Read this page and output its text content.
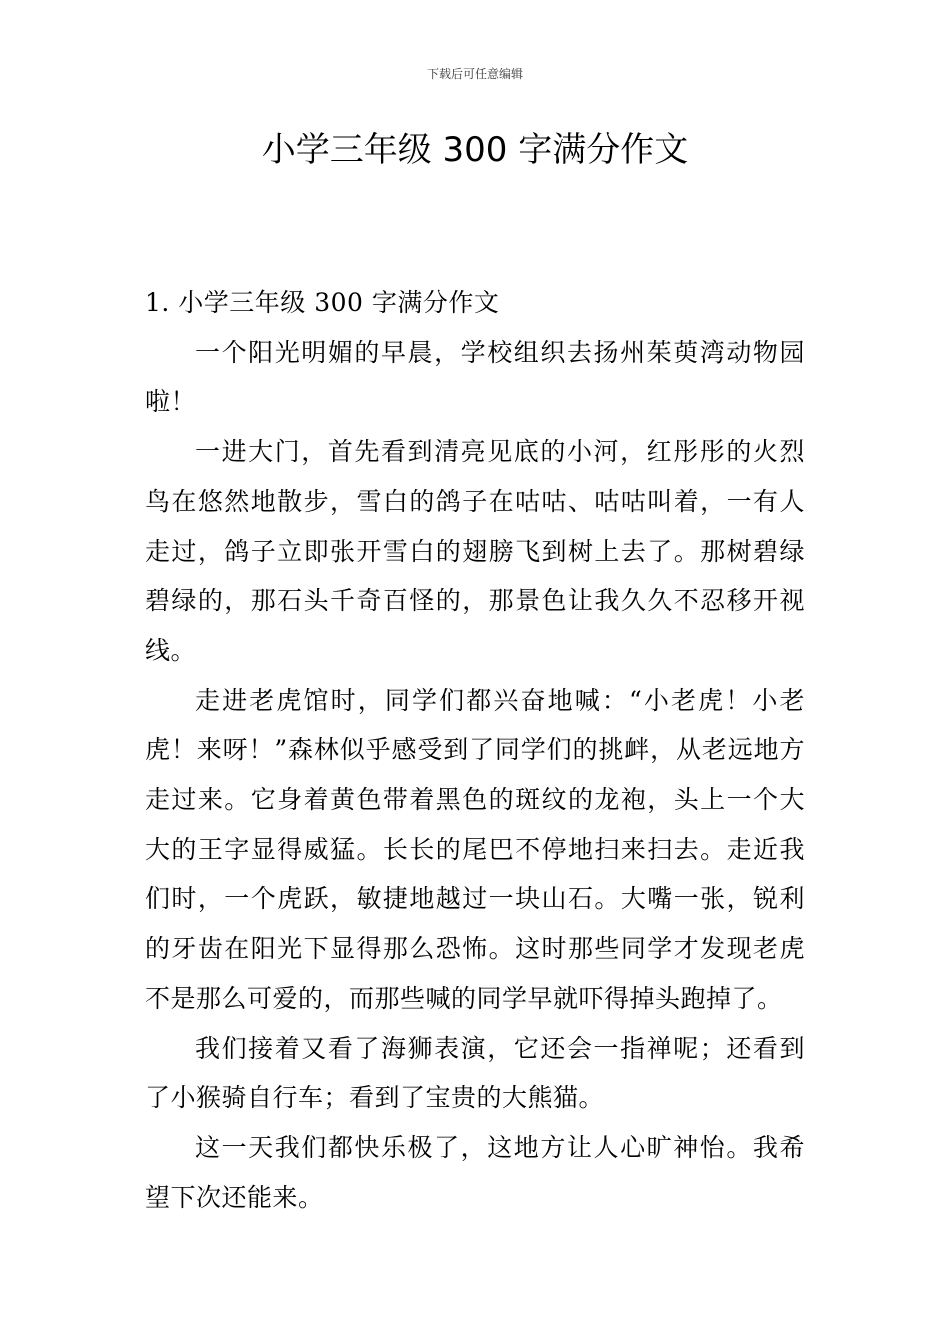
下载后可任意编辑
小学三年级 300 字满分作文
1. 小学三年级 300 字满分作文

一个阳光明媚的早晨，学校组织去扬州茱萸湾动物园啦！

一进大门，首先看到清亮见底的小河，红彤彤的火烈鸟在悠然地散步，雪白的鸽子在咕咕、咕咕叫着，一有人走过，鸽子立即张开雪白的翅膀飞到树上去了。那树碧绿碧绿的，那石头千奇百怪的，那景色让我久久不忍移开视线。

走进老虎馆时，同学们都兴奋地喊：“小老虎！小老虎！来呀！”森林似乎感受到了同学们的挑衅，从老远地方走过来。它身着黄色带着黑色的斑纹的龙袍，头上一个大大的王字显得威猛。长长的尾巴不停地扫来扫去。走近我们时，一个虎跃，敏捷地越过一块山石。大嘴一张，锐利的牙齿在阳光下显得那么恐怖。这时那些同学才发现老虎不是那么可爱的，而那些喊的同学早就吓得掉头跑掉了。

我们接着又看了海狮表演，它还会一指禅呢；还看到了小猴骑自行车；看到了宝贵的大熊猫。

这一天我们都快乐极了，这地方让人心旷神怡。我希望下次还能来。
